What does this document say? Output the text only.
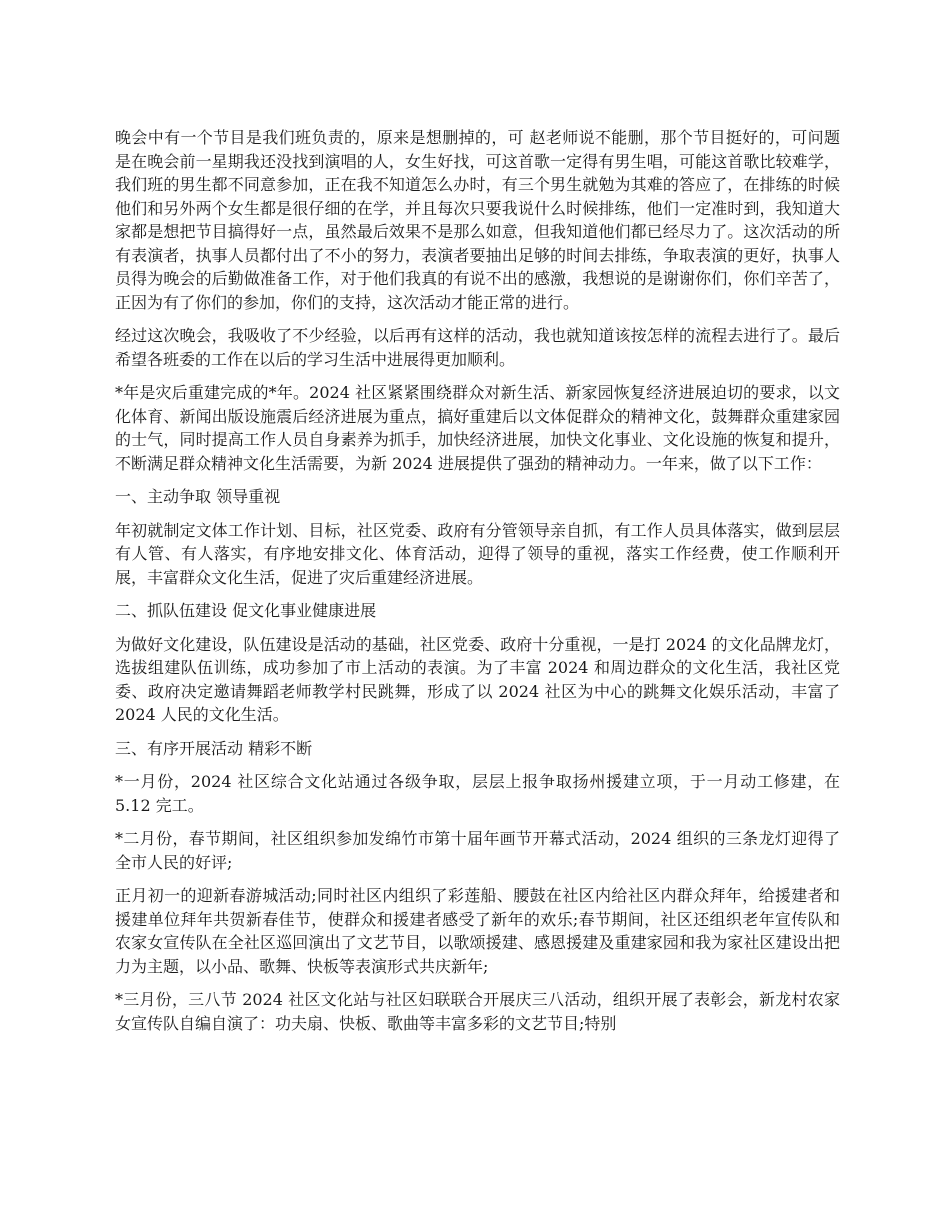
晚会中有一个节目是我们班负责的，原来是想删掉的，可 赵老师说不能删，那个节目挺好的，可问题是在晚会前一星期我还没找到演唱的人，女生好找，可这首歌一定得有男生唱，可能这首歌比较难学，我们班的男生都不同意参加，正在我不知道怎么办时，有三个男生就勉为其难的答应了，在排练的时候他们和另外两个女生都是很仔细的在学，并且每次只要我说什么时候排练，他们一定准时到，我知道大家都是想把节目搞得好一点，虽然最后效果不是那么如意，但我知道他们都已经尽力了。这次活动的所有表演者，执事人员都付出了不小的努力，表演者要抽出足够的时间去排练，争取表演的更好，执事人员得为晚会的后勤做准备工作，对于他们我真的有说不出的感激，我想说的是谢谢你们，你们辛苦了，正因为有了你们的参加，你们的支持，这次活动才能正常的进行。

经过这次晚会，我吸收了不少经验，以后再有这样的活动，我也就知道该按怎样的流程去进行了。最后希望各班委的工作在以后的学习生活中进展得更加顺利。

*年是灾后重建完成的*年。2024 社区紧紧围绕群众对新生活、新家园恢复经济进展迫切的要求，以文化体育、新闻出版设施震后经济进展为重点，搞好重建后以文体促群众的精神文化，鼓舞群众重建家园的士气，同时提高工作人员自身素养为抓手，加快经济进展，加快文化事业、文化设施的恢复和提升，不断满足群众精神文化生活需要，为新 2024 进展提供了强劲的精神动力。一年来，做了以下工作：

一、主动争取 领导重视

年初就制定文体工作计划、目标，社区党委、政府有分管领导亲自抓，有工作人员具体落实，做到层层有人管、有人落实，有序地安排文化、体育活动，迎得了领导的重视，落实工作经费，使工作顺利开展，丰富群众文化生活，促进了灾后重建经济进展。

二、抓队伍建设 促文化事业健康进展

为做好文化建设，队伍建设是活动的基础，社区党委、政府十分重视，一是打 2024 的文化品牌龙灯，选拔组建队伍训练，成功参加了市上活动的表演。为了丰富 2024 和周边群众的文化生活，我社区党委、政府决定邀请舞蹈老师教学村民跳舞，形成了以 2024 社区为中心的跳舞文化娱乐活动，丰富了 2024 人民的文化生活。

三、有序开展活动 精彩不断

*一月份，2024 社区综合文化站通过各级争取，层层上报争取扬州援建立项，于一月动工修建，在 5.12 完工。

*二月份，春节期间，社区组织参加发绵竹市第十届年画节开幕式活动，2024 组织的三条龙灯迎得了全市人民的好评;

正月初一的迎新春游城活动;同时社区内组织了彩莲船、腰鼓在社区内给社区内群众拜年，给援建者和援建单位拜年共贺新春佳节，使群众和援建者感受了新年的欢乐;春节期间，社区还组织老年宣传队和农家女宣传队在全社区巡回演出了文艺节目，以歌颂援建、感恩援建及重建家园和我为家社区建设出把力为主题，以小品、歌舞、快板等表演形式共庆新年;

*三月份，三八节 2024 社区文化站与社区妇联联合开展庆三八活动，组织开展了表彰会，新龙村农家女宣传队自编自演了：功夫扇、快板、歌曲等丰富多彩的文艺节目;特别
